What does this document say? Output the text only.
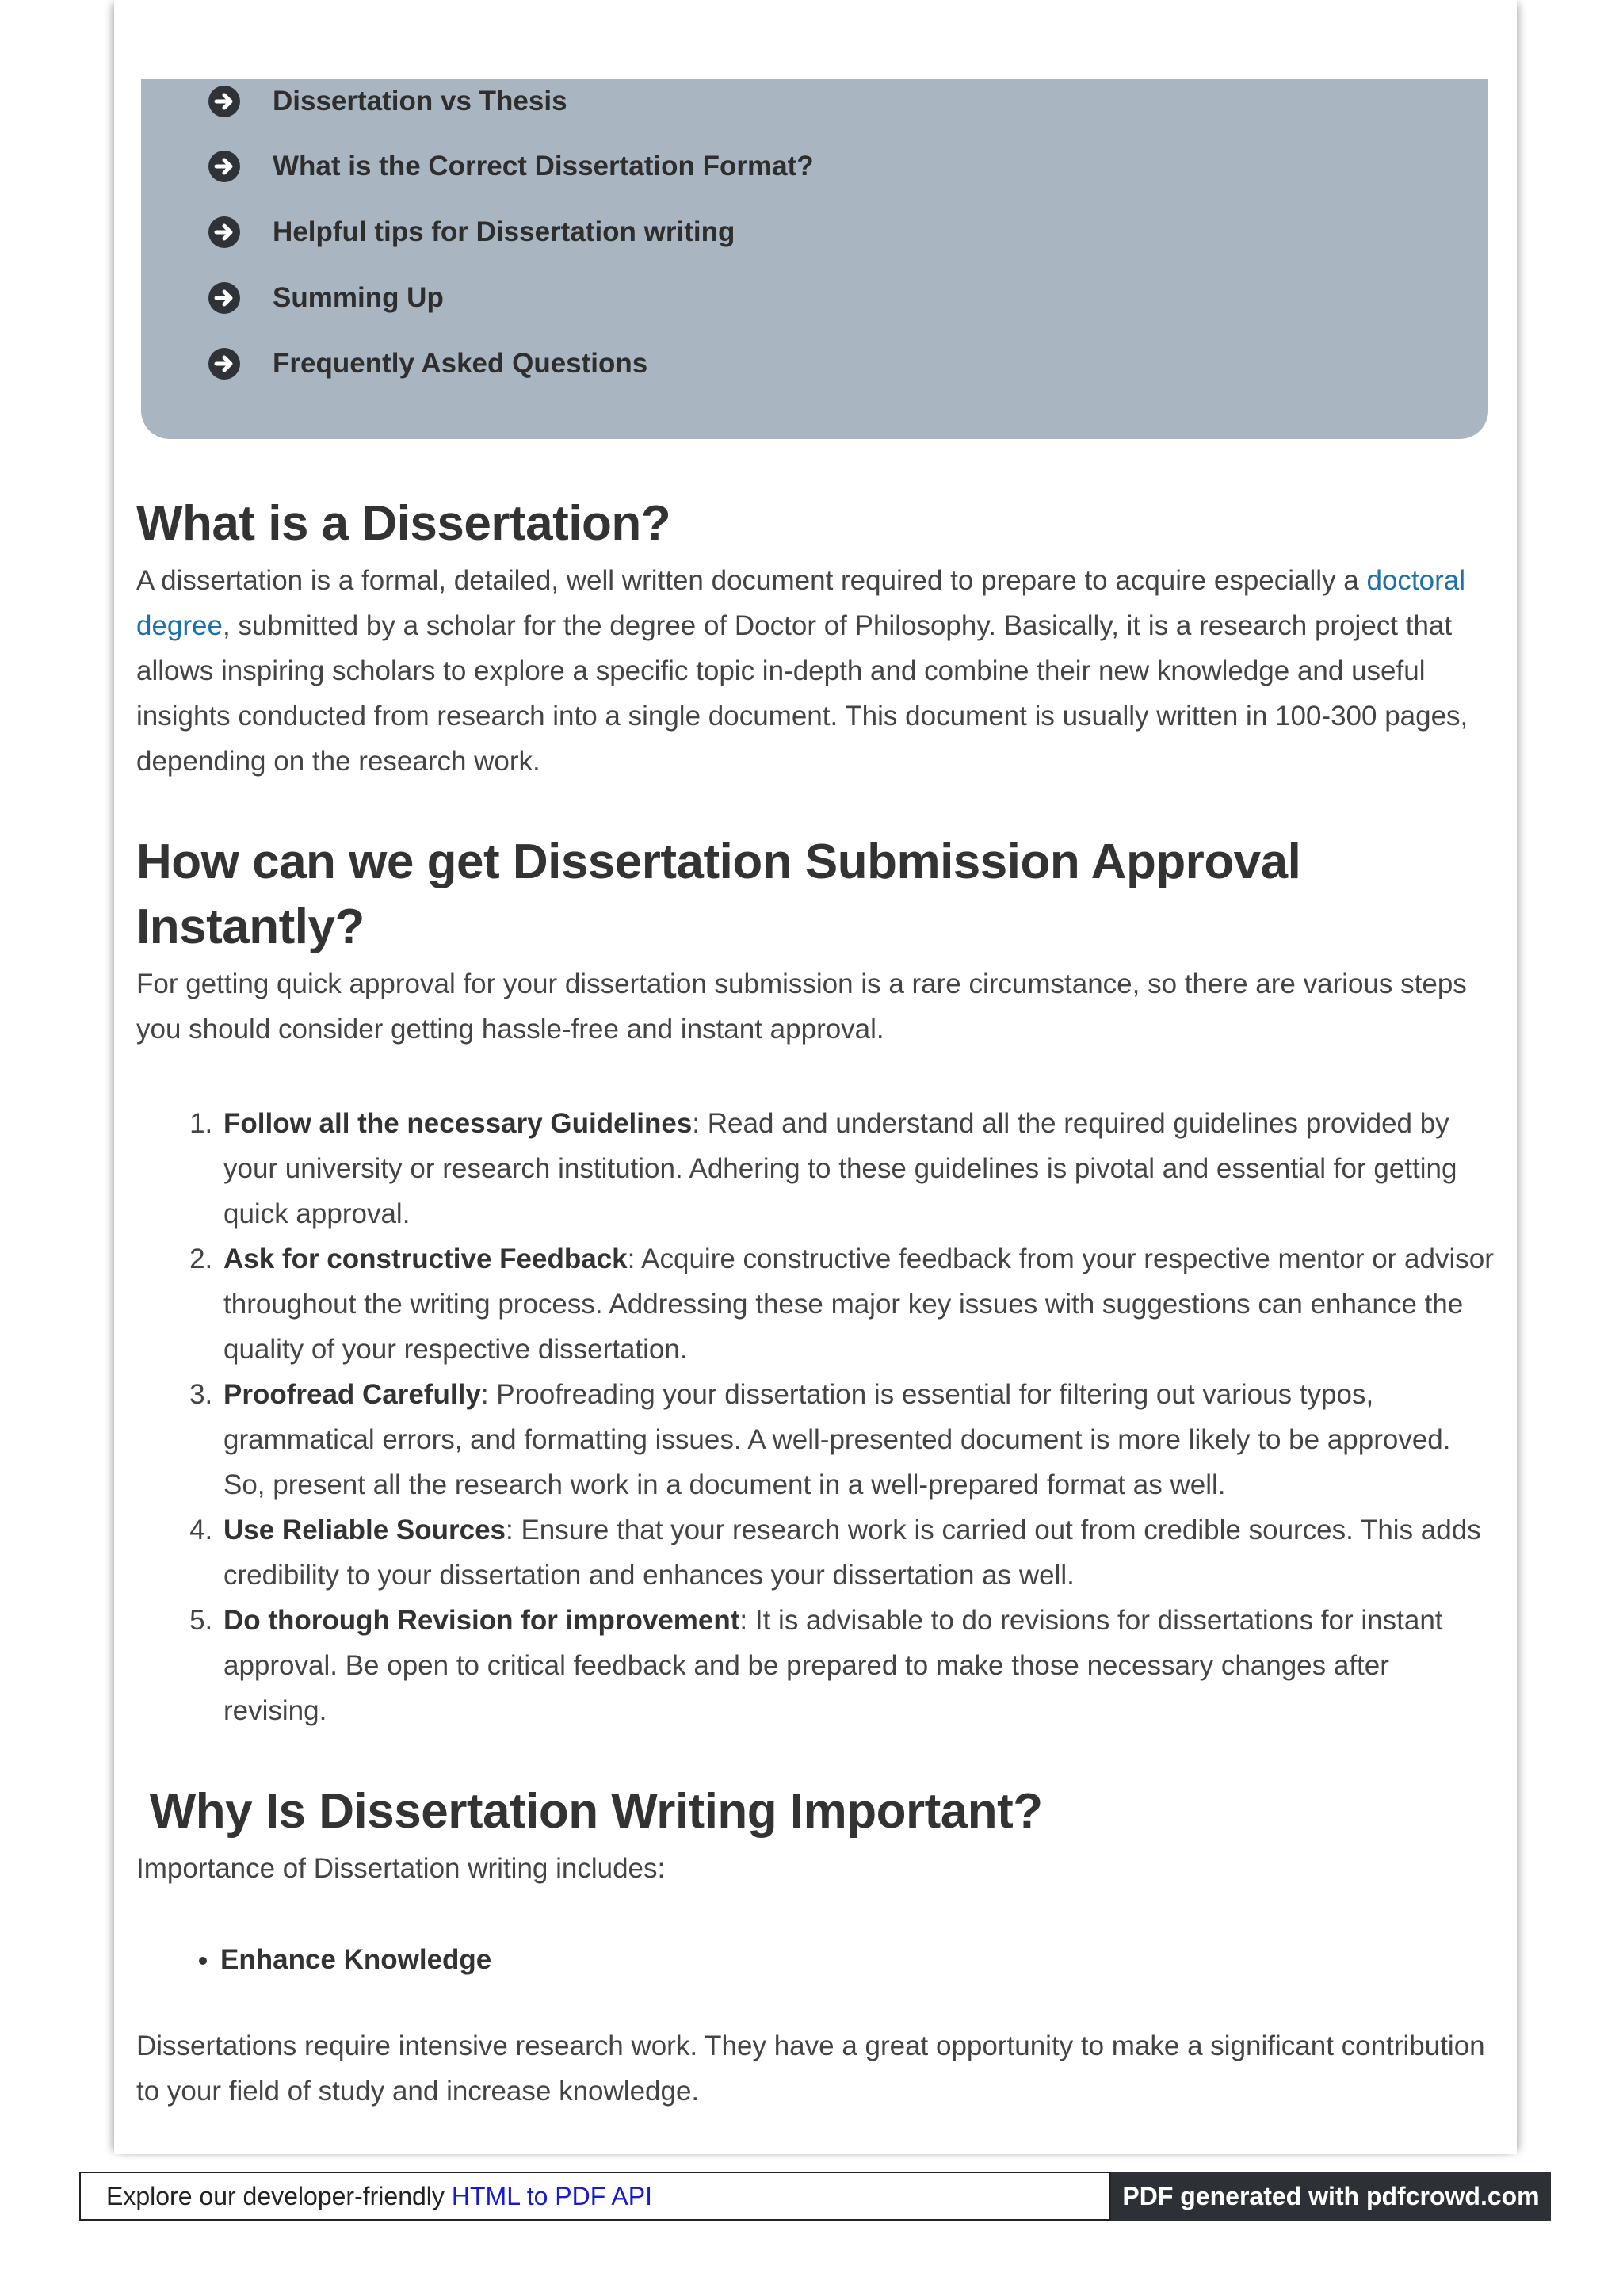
Dissertation vs Thesis
What is the Correct Dissertation Format?
Helpful tips for Dissertation writing
Summing Up
Frequently Asked Questions
What is a Dissertation?

A dissertation is a formal, detailed, well written document required to prepare to acquire especially a doctoral degree, submitted by a scholar for the degree of Doctor of Philosophy. Basically, it is a research project that allows inspiring scholars to explore a specific topic in-depth and combine their new knowledge and useful insights conducted from research into a single document. This document is usually written in 100-300 pages, depending on the research work.

How can we get Dissertation Submission Approval Instantly?

For getting quick approval for your dissertation submission is a rare circumstance, so there are various steps you should consider getting hassle-free and instant approval.

1. Follow all the necessary Guidelines: Read and understand all the required guidelines provided by your university or research institution. Adhering to these guidelines is pivotal and essential for getting quick approval.
2. Ask for constructive Feedback: Acquire constructive feedback from your respective mentor or advisor throughout the writing process. Addressing these major key issues with suggestions can enhance the quality of your respective dissertation.
3. Proofread Carefully: Proofreading your dissertation is essential for filtering out various typos, grammatical errors, and formatting issues. A well-presented document is more likely to be approved. So, present all the research work in a document in a well-prepared format as well.
4. Use Reliable Sources: Ensure that your research work is carried out from credible sources. This adds credibility to your dissertation and enhances your dissertation as well.
5. Do thorough Revision for improvement: It is advisable to do revisions for dissertations for instant approval. Be open to critical feedback and be prepared to make those necessary changes after revising.
Why Is Dissertation Writing Important?

Importance of Dissertation writing includes:

• Enhance Knowledge

Dissertations require intensive research work. They have a great opportunity to make a significant contribution to your field of study and increase knowledge.

Explore our developer-friendly HTML to PDF API	PDF generated with pdfcrowd.com
